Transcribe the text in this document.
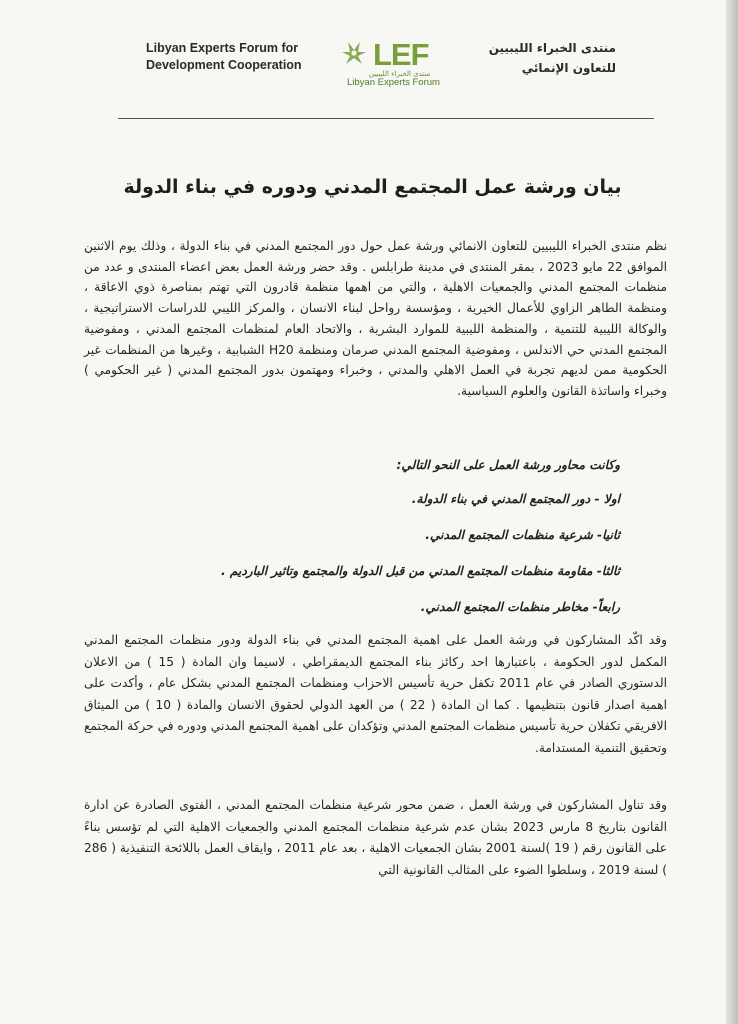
Libyan Experts Forum for
Development Cooperation LEF
منتدى الخبراء الليبيين
Libyan Experts Forum
منتدى الخبراء الليبيين
للتعاون الإنمائي
بيان ورشة عمل المجتمع المدني ودوره في بناء الدولة
نظم منتدى الخبراء الليبيين للتعاون الانمائي ورشة عمل حول دور المجتمع المدني في بناء الدولة ، وذلك يوم الاثنين الموافق 22 مايو 2023 ، بمقر المنتدى في مدينة طرابلس . وقد حضر ورشة العمل بعض اعضاء المنتدى و عدد من منظمات المجتمع المدني والجمعيات الاهلية ، والتي من اهمها منظمة قادرون التي تهتم بمناصرة ذوي الاعاقة ، ومنظمة الطاهر الزاوي للأعمال الخيرية ، ومؤسسة رواحل لبناء الانسان ، والمركز الليبي للدراسات الاستراتيجية ، والوكالة الليبية للتنمية ، والمنظمة الليبية للموارد البشرية ، والاتحاد العام لمنظمات المجتمع المدني ، ومفوضية المجتمع المدني حي الاندلس ، ومفوضية المجتمع المدني صرمان ومنظمة H20 الشبابية ، وغيرها من المنظمات غير الحكومية ممن لديهم تجربة في العمل الاهلي والمدني ، وخبراء ومهتمون بدور المجتمع المدني ( غير الحكومي ) وخبراء واساتذة القانون والعلوم السياسية.
وكانت محاور ورشة العمل على النحو التالي:
اولا - دور المجتمع المدني في بناء الدولة.
ثانيا- شرعية منظمات المجتمع المدني.
ثالثا- مقاومة منظمات المجتمع المدني من قبل الدولة والمجتمع وتاثير البارديم .
رابعاً- مخاطر منظمات المجتمع المدني.
وقد اكّد المشاركون في ورشة العمل على اهمية المجتمع المدني في بناء الدولة ودور منظمات المجتمع المدني المكمل لدور الحكومة ، باعتبارها احد ركائز بناء المجتمع الديمقراطي ، لاسيما وان المادة ( 15 ) من الاعلان الدستوري الصادر في عام 2011 تكفل حرية تأسيس الاحزاب ومنظمات المجتمع المدني بشكل عام ، وأكدت على اهمية اصدار قانون بتنظيمها . كما ان المادة ( 22 ) من العهد الدولي لحقوق الانسان والمادة ( 10 ) من الميثاق الافريقي تكفلان حرية تأسيس منظمات المجتمع المدني وتؤكدان على اهمية المجتمع المدني ودوره في حركة المجتمع وتحقيق التنمية المستدامة.
وقد تناول المشاركون في ورشة العمل ، ضمن محور شرعية منظمات المجتمع المدني ، الفتوى الصادرة عن ادارة القانون بتاريخ 8 مارس 2023 بشان عدم شرعية منظمات المجتمع المدني والجمعيات الاهلية التي لم تؤسس بناءً على القانون رقم ( 19 )لسنة 2001 بشان الجمعيات الاهلية ، بعد عام 2011 ، وايقاف العمل باللائحة التنفيذية ( 286 ) لسنة 2019 ، وسلطوا الضوء على المثالب القانونية التي
